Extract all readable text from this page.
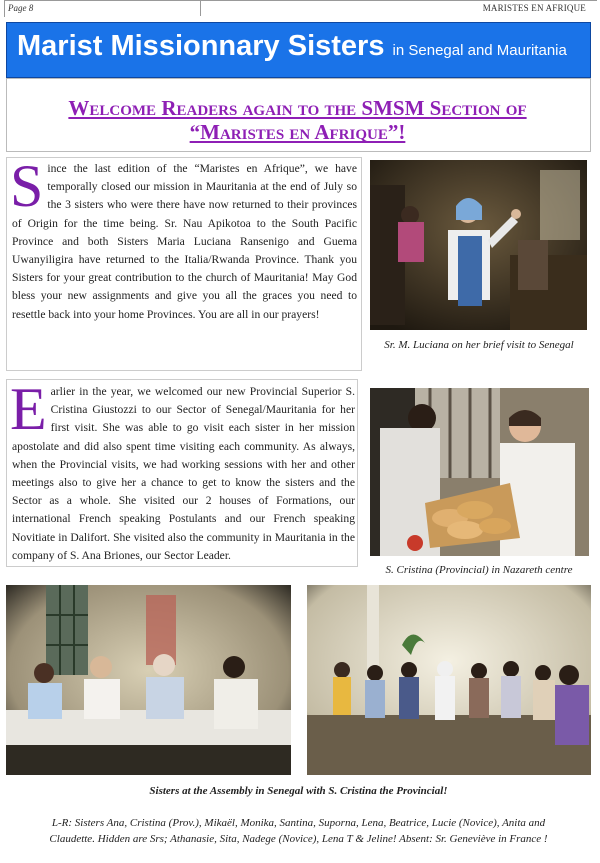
Page 8	MARISTES EN AFRIQUE
Marist Missionnary Sisters in Senegal and Mauritania
Welcome Readers again to the SMSM Section of
“Maristes en Afrique”!
S ince the last edition of the “Maristes en Afrique”, we have temporally closed our mission in Mauritania at the end of July so the 3 sisters who were there have now returned to their provinces of Origin for the time being. Sr. Nau Apikotoa to the South Pacific Province and both Sisters Maria Luciana Ransenigo and Guema Uwanyiligira have returned to the Italia/Rwanda Province. Thank you Sisters for your great contribution to the church of Mauritania! May God bless your new assignments and give you all the graces you need to resettle back into your home Provinces. You are all in our prayers!
Sr. M. Luciana on her brief visit to Senegal
E arlier in the year, we welcomed our new Provincial Superior S. Cristina Giustozzi to our Sector of Senegal/Mauritania for her first visit. She was able to go visit each sister in her mission apostolate and did also spent time visiting each community. As always, when the Provincial visits, we had working sessions with her and other meetings also to give her a chance to get to know the sisters and the Sector as a whole. She visited our 2 houses of Formations, our international French speaking Postulants and our French speaking Novitiate in Dalifort. She visited also the community in Mauritania in the company of S. Ana Briones, our Sector Leader.
S. Cristina (Provincial) in Nazareth centre
Sisters at the Assembly in Senegal with S. Cristina the Provincial!
L-R: Sisters Ana, Cristina (Prov.), Mikaël, Monika, Santina, Suporna, Lena, Beatrice, Lucie (Novice), Anita and
Claudette. Hidden are Srs; Athanasie, Sita, Nadege (Novice), Lena T & Jeline! Absent: Sr. Geneviève in France !
